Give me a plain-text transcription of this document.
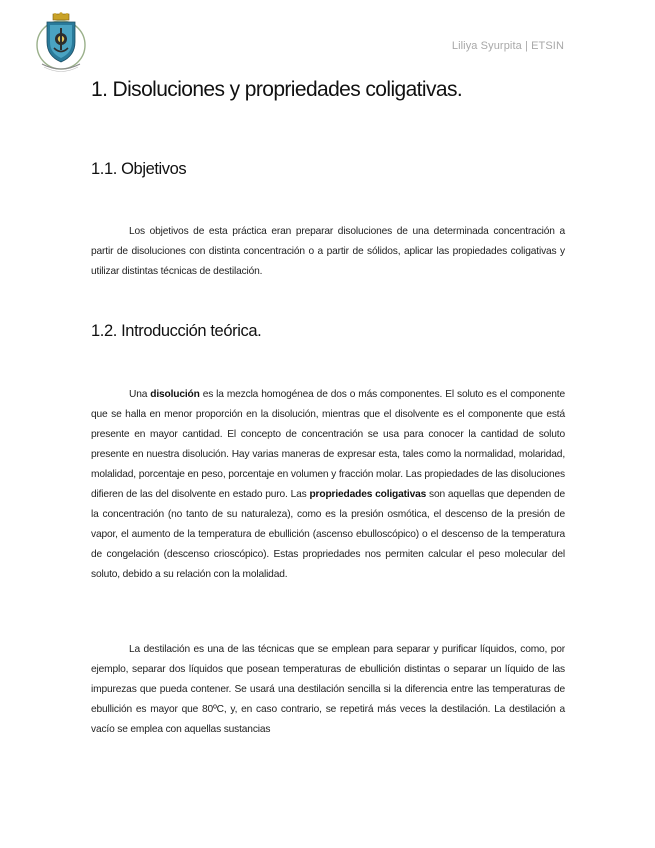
Liliya Syurpita | ETSIN
1. Disoluciones y propriedades coligativas.
1.1. Objetivos

Los objetivos de esta práctica eran preparar disoluciones de una determinada concentración a partir de disoluciones con distinta concentración o a partir de sólidos, aplicar las propiedades coligativas y utilizar distintas técnicas de destilación.

1.2. Introducción teórica.

Una disolución es la mezcla homogénea de dos o más componentes. El soluto es el componente que se halla en menor proporción en la disolución, mientras que el disolvente es el componente que está presente en mayor cantidad. El concepto de concentración se usa para conocer la cantidad de soluto presente en nuestra disolución. Hay varias maneras de expresar esta, tales como la normalidad, molaridad, molalidad, porcentaje en peso, porcentaje en volumen y fracción molar. Las propiedades de las disoluciones difieren de las del disolvente en estado puro. Las propriedades coligativas son aquellas que dependen de la concentración (no tanto de su naturaleza), como es la presión osmótica, el descenso de la presión de vapor, el aumento de la temperatura de ebullición (ascenso ebulloscópico) o el descenso de la temperatura de congelación (descenso crioscópico). Estas propriedades nos permiten calcular el peso molecular del soluto, debido a su relación con la molalidad.

La destilación es una de las técnicas que se emplean para separar y purificar líquidos, como, por ejemplo, separar dos líquidos que posean temperaturas de ebullición distintas o separar un líquido de las impurezas que pueda contener. Se usará una destilación sencilla si la diferencia entre las temperaturas de ebullición es mayor que 80ºC, y, en caso contrario, se repetirá más veces la destilación. La destilación a vacío se emplea con aquellas sustancias
